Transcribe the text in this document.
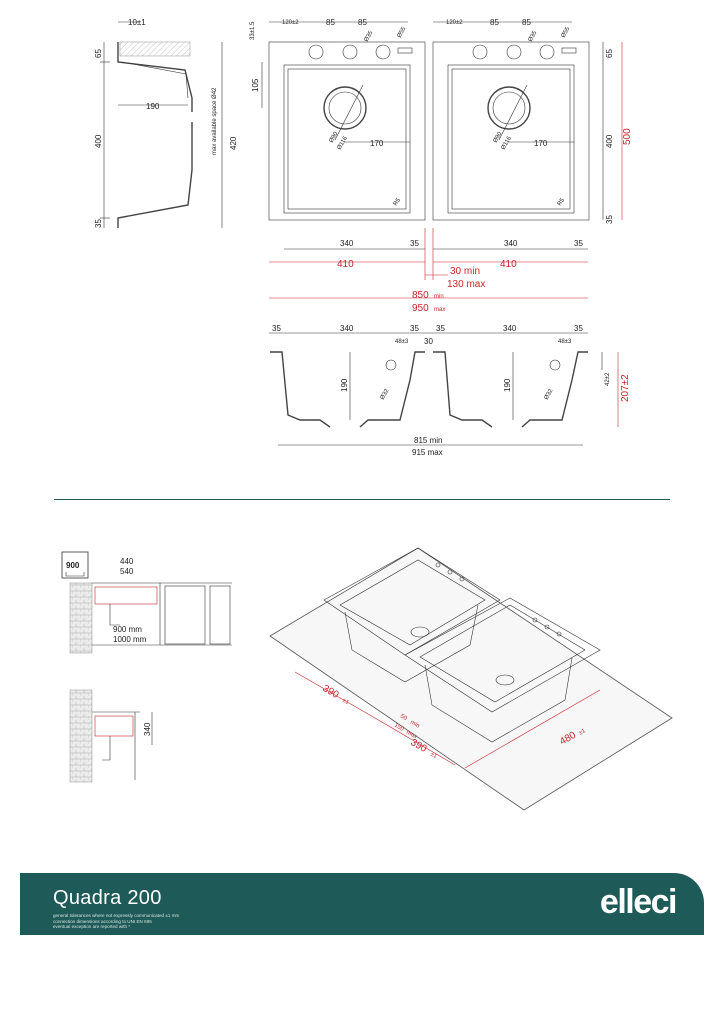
65
400
35
10±1
190	max available space Ø42 420
120±2	85	85
Ø35	Ø55
33±1.5
105
Ø90
Ø116	170
R5
340	35
410
120±2	85	85
Ø35	Ø55
Ø90
Ø116	170
R5
65
400
35
500
340	35
410
30 min
130 max
850 min
950 max
35	340	35 35	340	35
48±3 30	48±3
190	190
Ø32	Ø32
42±2 207±2
815 min
915 max
900	440
540
900 mm
1000 mm
340
390
±1
50
min
150
max
390
±1
480 ±1
Quadra 200
general tolerances where not expressly communicated ±1 mm
connection dimensions according to UNI EN 695
eventual exception are reported with *
elleci
